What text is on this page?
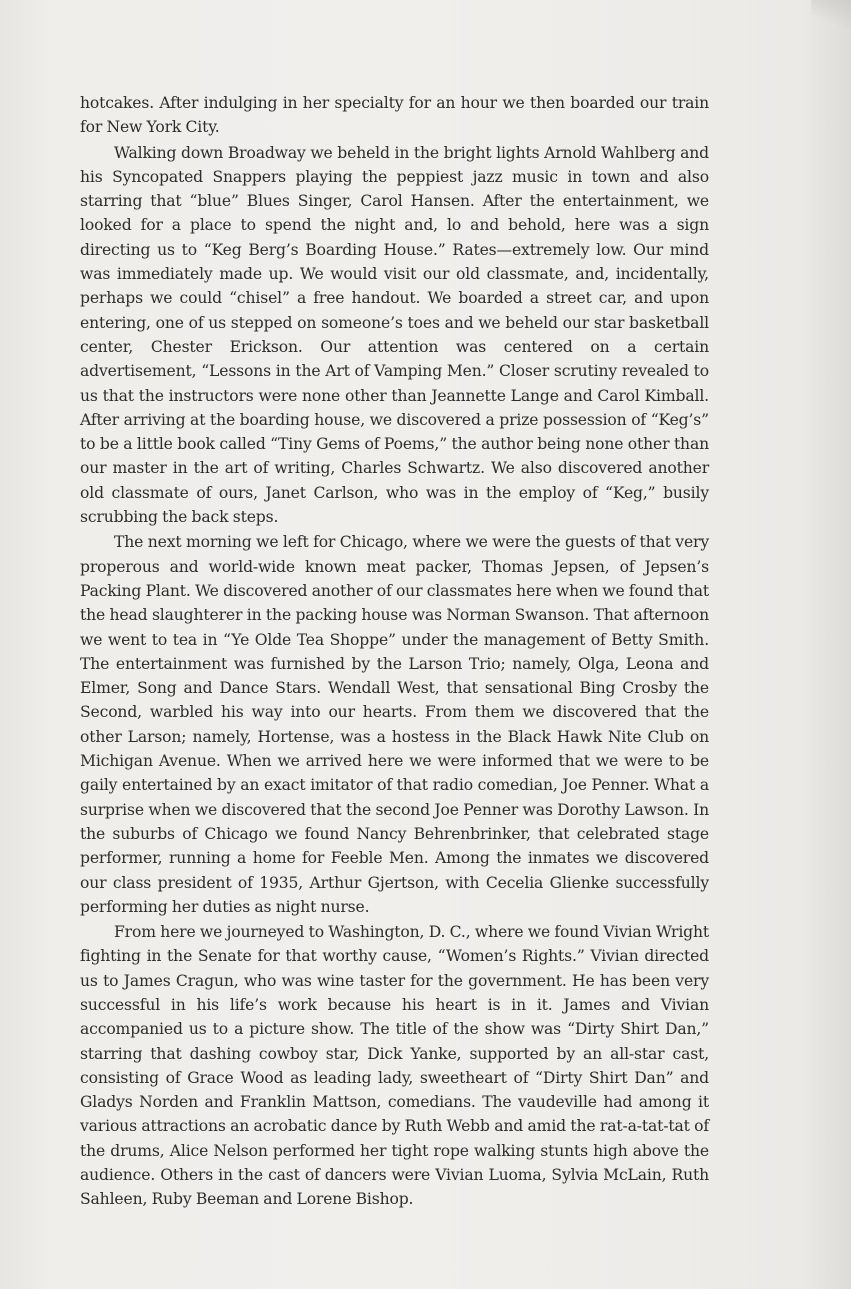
hotcakes. After indulging in her specialty for an hour we then boarded our train for New York City.

Walking down Broadway we beheld in the bright lights Arnold Wahlberg and his Syncopated Snappers playing the peppiest jazz music in town and also starring that “blue” Blues Singer, Carol Hansen. After the entertainment, we looked for a place to spend the night and, lo and behold, here was a sign directing us to “Keg Berg’s Boarding House.” Rates—extremely low. Our mind was immediately made up. We would visit our old classmate, and, incidentally, perhaps we could “chisel” a free handout. We boarded a street car, and upon entering, one of us stepped on someone’s toes and we beheld our star basketball center, Chester Erickson. Our attention was centered on a certain advertisement, “Lessons in the Art of Vamping Men.” Closer scrutiny revealed to us that the instructors were none other than Jeannette Lange and Carol Kimball. After arriving at the boarding house, we discovered a prize possession of “Keg’s” to be a little book called “Tiny Gems of Poems,” the author being none other than our master in the art of writing, Charles Schwartz. We also discovered another old classmate of ours, Janet Carlson, who was in the employ of “Keg,” busily scrubbing the back steps.

The next morning we left for Chicago, where we were the guests of that very properous and world-wide known meat packer, Thomas Jepsen, of Jepsen’s Packing Plant. We discovered another of our classmates here when we found that the head slaughterer in the packing house was Norman Swanson. That afternoon we went to tea in “Ye Olde Tea Shoppe” under the management of Betty Smith. The entertainment was furnished by the Larson Trio; namely, Olga, Leona and Elmer, Song and Dance Stars. Wendall West, that sensational Bing Crosby the Second, warbled his way into our hearts. From them we discovered that the other Larson; namely, Hortense, was a hostess in the Black Hawk Nite Club on Michigan Avenue. When we arrived here we were informed that we were to be gaily entertained by an exact imitator of that radio comedian, Joe Penner. What a surprise when we discovered that the second Joe Penner was Dorothy Lawson. In the suburbs of Chicago we found Nancy Behrenbrinker, that celebrated stage performer, running a home for Feeble Men. Among the inmates we discovered our class president of 1935, Arthur Gjertson, with Cecelia Glienke successfully performing her duties as night nurse.

From here we journeyed to Washington, D. C., where we found Vivian Wright fighting in the Senate for that worthy cause, “Women’s Rights.” Vivian directed us to James Cragun, who was wine taster for the government. He has been very successful in his life’s work because his heart is in it. James and Vivian accompanied us to a picture show. The title of the show was “Dirty Shirt Dan,” starring that dashing cowboy star, Dick Yanke, supported by an all-star cast, consisting of Grace Wood as leading lady, sweetheart of “Dirty Shirt Dan” and Gladys Norden and Franklin Mattson, comedians. The vaudeville had among it various attractions an acrobatic dance by Ruth Webb and amid the rat-a-tat-tat of the drums, Alice Nelson performed her tight rope walking stunts high above the audience. Others in the cast of dancers were Vivian Luoma, Sylvia McLain, Ruth Sahleen, Ruby Beeman and Lorene Bishop.
